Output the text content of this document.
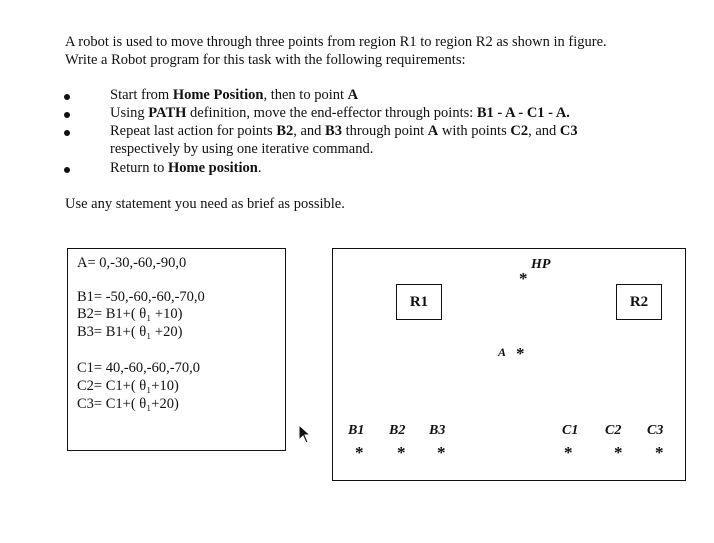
A robot is used to move through three points from region R1 to region R2 as shown in figure.
Write a Robot program for this task with the following requirements:
Start from Home Position, then to point A
Using PATH definition, move the end-effector through points: B1 - A - C1 - A.
Repeat last action for points B2, and B3 through point A with points C2, and C3
respectively by using one iterative command.
Return to Home position.
Use any statement you need as brief as possible.
A= 0,-30,-60,-90,0
B1= -50,-60,-60,-70,0
B2= B1+( θ₁ +10)
B3= B1+( θ₁ +20)
C1= 40,-60,-60,-70,0
C2= C1+( θ₁+10)
C3= C1+( θ₁+20)
HP
*
R1	R2
A *
B1 B2 B3
* * *
C1 C2 C3
* * *
